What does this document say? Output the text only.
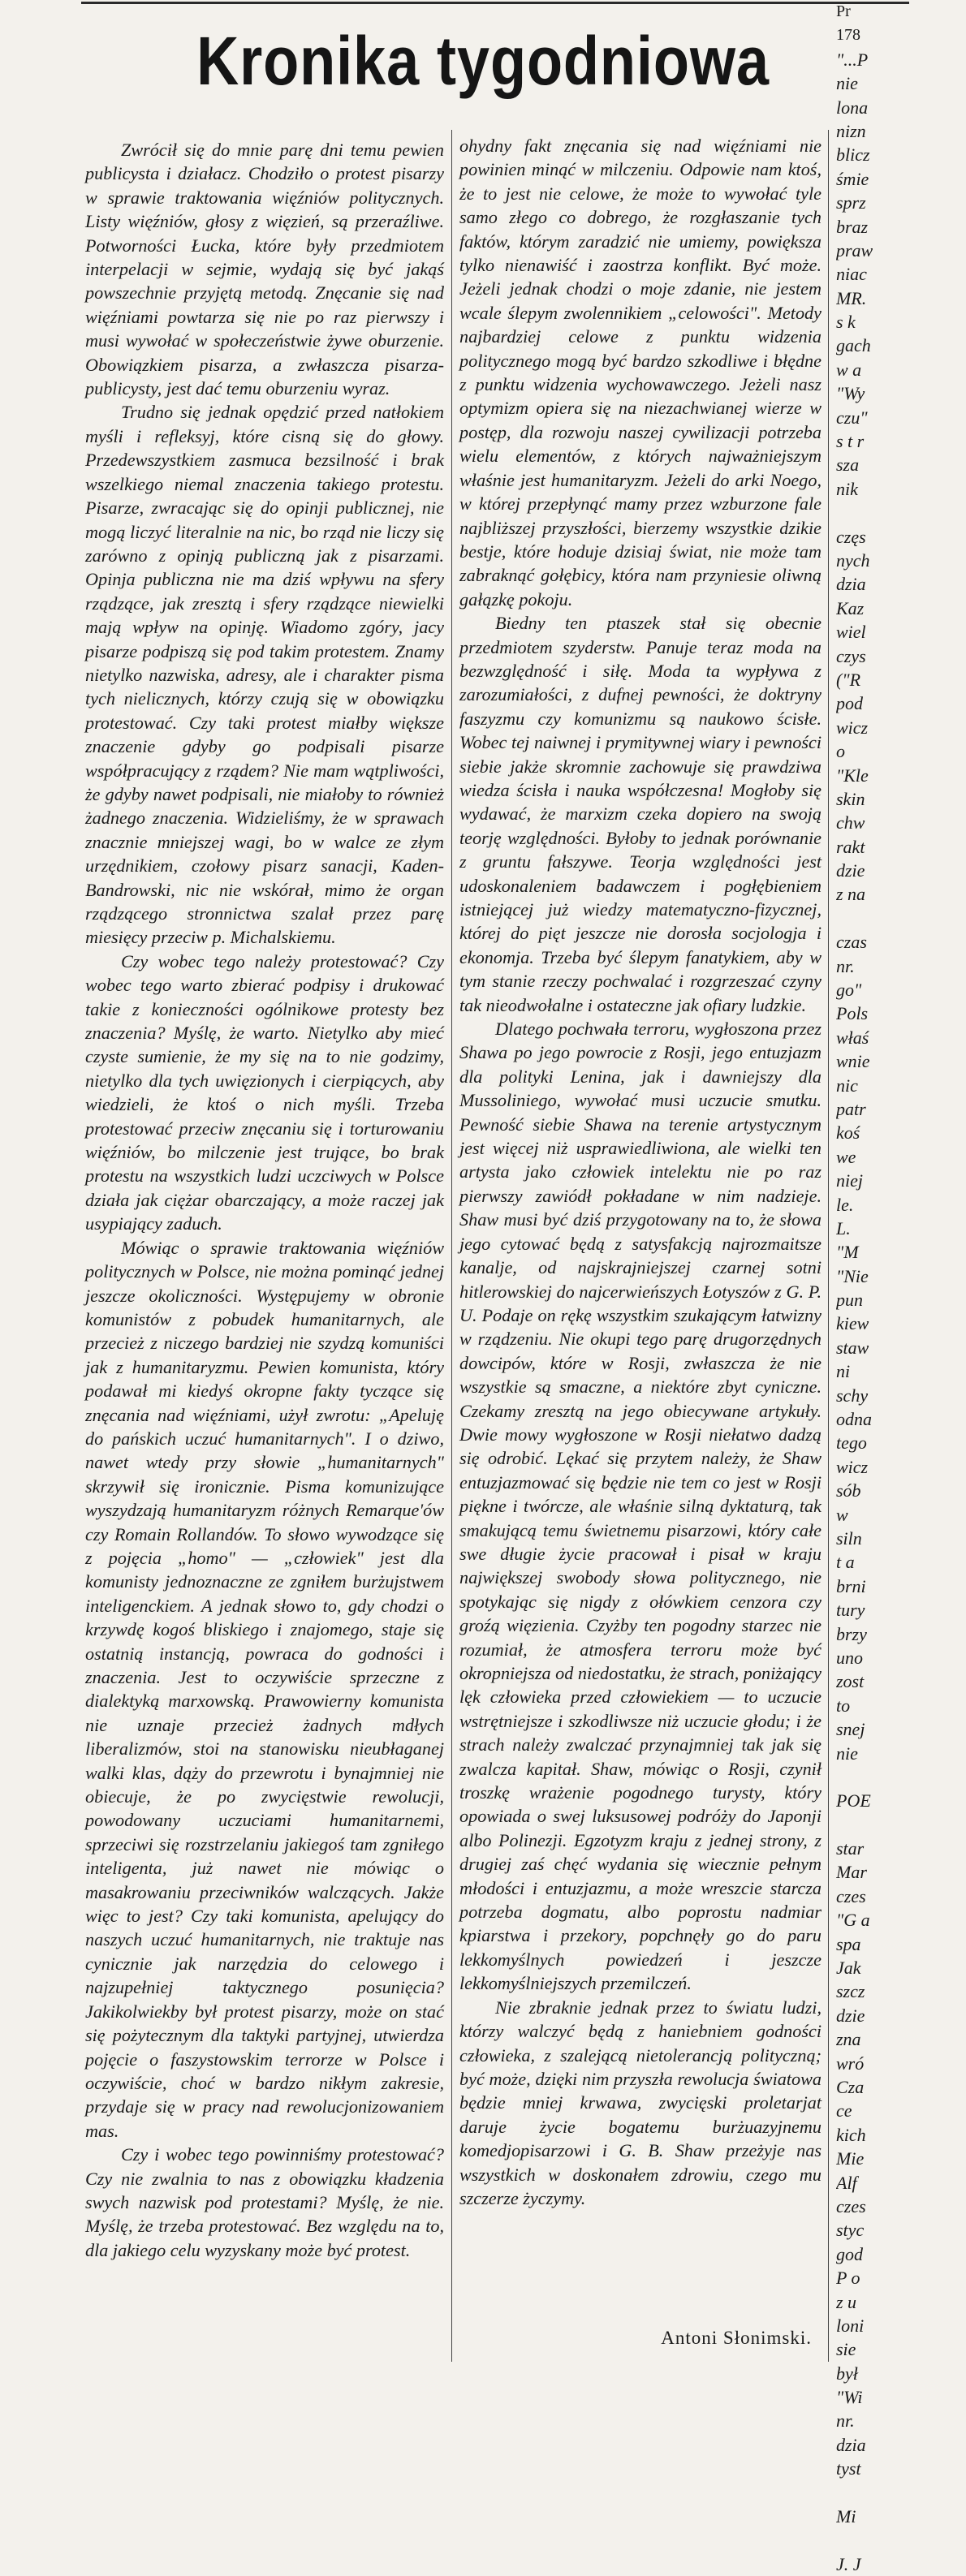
Kronika tygodniowa

Zwrócił się do mnie parę dni temu pewien publicysta i działacz. Chodziło o protest pisarzy w sprawie traktowania więźniów politycznych. Listy więźniów, głosy z więzień, są przeraźliwe. Potworności Łucka, które były przedmiotem interpelacji w sejmie, wydają się być jakąś powszechnie przyjętą metodą. Znęcanie się nad więźniami powtarza się nie po raz pierwszy i musi wywołać w społeczeństwie żywe oburzenie. Obowiązkiem pisarza, a zwłaszcza pisarza-publicysty, jest dać temu oburzeniu wyraz.

Trudno się jednak opędzić przed natłokiem myśli i refleksyj, które cisną się do głowy. Przedewszystkiem zasmuca bezsilność i brak wszelkiego niemal znaczenia takiego protestu. Pisarze, zwracając się do opinji publicznej, nie mogą liczyć literalnie na nic, bo rząd nie liczy się zarówno z opinją publiczną jak z pisarzami. Opinja publiczna nie ma dziś wpływu na sfery rządzące, jak zresztą i sfery rządzące niewielki mają wpływ na opinję. Wiadomo zgóry, jacy pisarze podpiszą się pod takim protestem. Znamy nietylko nazwiska, adresy, ale i charakter pisma tych nielicznych, którzy czują się w obowiązku protestować. Czy taki protest miałby większe znaczenie gdyby go podpisali pisarze współpracujący z rządem? Nie mam wątpliwości, że gdyby nawet podpisali, nie miałoby to również żadnego znaczenia. Widzieliśmy, że w sprawach znacznie mniejszej wagi, bo w walce ze złym urzędnikiem, czołowy pisarz sanacji, Kaden-Bandrowski, nic nie wskórał, mimo że organ rządzącego stronnictwa szalał przez parę miesięcy przeciw p. Michalskiemu.

Czy wobec tego należy protestować? Czy wobec tego warto zbierać podpisy i drukować takie z konieczności ogólnikowe protesty bez znaczenia? Myślę, że warto. Nietylko aby mieć czyste sumienie, że my się na to nie godzimy, nietylko dla tych uwięzionych i cierpiących, aby wiedzieli, że ktoś o nich myśli. Trzeba protestować przeciw znęcaniu się i torturowaniu więźniów, bo milczenie jest trujące, bo brak protestu na wszystkich ludzi uczciwych w Polsce działa jak ciężar obarczający, a może raczej jak usypiający zaduch.

Mówiąc o sprawie traktowania więźniów politycznych w Polsce, nie można pominąć jednej jeszcze okoliczności. Występujemy w obronie komunistów z pobudek humanitarnych, ale przecież z niczego bardziej nie szydzą komuniści jak z humanitaryzmu. Pewien komunista, który podawał mi kiedyś okropne fakty tyczące się znęcania nad więźniami, użył zwrotu: „Apeluję do pańskich uczuć humanitarnych". I o dziwo, nawet wtedy przy słowie „humanitarnych" skrzywił się ironicznie. Pisma komunizujące wyszydzają humanitaryzm różnych Remarque'ów czy Romain Rollandów. To słowo wywodzące się z pojęcia „homo" — „człowiek" jest dla komunisty jednoznaczne ze zgniłem burżujstwem inteligenckiem. A jednak słowo to, gdy chodzi o krzywdę kogoś bliskiego i znajomego, staje się ostatnią instancją, powraca do godności i znaczenia. Jest to oczywiście sprzeczne z dialektyką marxowską. Prawowierny komunista nie uznaje przecież żadnych mdłych liberalizmów, stoi na stanowisku nieubłaganej walki klas, dąży do przewrotu i bynajmniej nie obiecuje, że po zwycięstwie rewolucji, powodowany uczuciami humanitarnemi, sprzeciwi się rozstrzelaniu jakiegoś tam zgniłego inteligenta, już nawet nie mówiąc o masakrowaniu przeciwników walczących. Jakże więc to jest? Czy taki komunista, apelujący do naszych uczuć humanitarnych, nie traktuje nas cynicznie jak narzędzia do celowego i najzupełniej taktycznego posunięcia? Jakikolwiekby był protest pisarzy, może on stać się pożytecznym dla taktyki partyjnej, utwierdza pojęcie o faszystowskim terrorze w Polsce i oczywiście, choć w bardzo nikłym zakresie, przydaje się w pracy nad rewolucjonizowaniem mas.

Czy i wobec tego powinniśmy protestować? Czy nie zwalnia to nas z obowiązku kładzenia swych nazwisk pod protestami? Myślę, że nie. Myślę, że trzeba protestować. Bez względu na to, dla jakiego celu wyzyskany może być protest.

ohydny fakt znęcania się nad więźniami nie powinien minąć w milczeniu. Odpowie nam ktoś, że to jest nie celowe, że może to wywołać tyle samo złego co dobrego, że rozgłaszanie tych faktów, którym zaradzić nie umiemy, powiększa tylko nienawiść i zaostrza konflikt. Być może. Jeżeli jednak chodzi o moje zdanie, nie jestem wcale ślepym zwolennikiem „celowości". Metody najbardziej celowe z punktu widzenia politycznego mogą być bardzo szkodliwe i błędne z punktu widzenia wychowawczego. Jeżeli nasz optymizm opiera się na niezachwianej wierze w postęp, dla rozwoju naszej cywilizacji potrzeba wielu elementów, z których najważniejszym właśnie jest humanitaryzm. Jeżeli do arki Noego, w której przepłynąć mamy przez wzburzone fale najbliższej przyszłości, bierzemy wszystkie dzikie bestje, które hoduje dzisiaj świat, nie może tam zabraknąć gołębicy, która nam przyniesie oliwną gałązkę pokoju.

Biedny ten ptaszek stał się obecnie przedmiotem szyderstw. Panuje teraz moda na bezwzględność i siłę. Moda ta wypływa z zarozumiałości, z dufnej pewności, że doktryny faszyzmu czy komunizmu są naukowo ścisłe. Wobec tej naiwnej i prymitywnej wiary i pewności siebie jakże skromnie zachowuje się prawdziwa wiedza ścisła i nauka współczesna! Mogłoby się wydawać, że marxizm czeka dopiero na swoją teorję względności. Byłoby to jednak porównanie z gruntu fałszywe. Teorja względności jest udoskonaleniem badawczem i pogłębieniem istniejącej już wiedzy matematyczno-fizycznej, której do pięt jeszcze nie dorosła socjologja i ekonomja. Trzeba być ślepym fanatykiem, aby w tym stanie rzeczy pochwalać i rozgrzeszać czyny tak nieodwołalne i ostateczne jak ofiary ludzkie.

Dlatego pochwała terroru, wygłoszona przez Shawa po jego powrocie z Rosji, jego entuzjazm dla polityki Lenina, jak i dawniejszy dla Mussoliniego, wywołać musi uczucie smutku. Pewność siebie Shawa na terenie artystycznym jest więcej niż usprawiedliwiona, ale wielki ten artysta jako człowiek intelektu nie po raz pierwszy zawiódł pokładane w nim nadzieje. Shaw musi być dziś przygotowany na to, że słowa jego cytować będą z satysfakcją najrozmaitsze kanalje, od najskrajniejszej czarnej sotni hitlerowskiej do najcerwieńszych Łotyszów z G. P. U. Podaje on rękę wszystkim szukającym łatwizny w rządzeniu. Nie okupi tego parę drugorzędnych dowcipów, które w Rosji, zwłaszcza że nie wszystkie są smaczne, a niektóre zbyt cyniczne. Czekamy zresztą na jego obiecywane artykuły. Dwie mowy wygłoszone w Rosji niełatwo dadzą się odrobić. Lękać się przytem należy, że Shaw entuzjazmować się będzie nie tem co jest w Rosji piękne i twórcze, ale właśnie silną dyktaturą, tak smakującą temu świetnemu pisarzowi, który całe swe długie życie pracował i pisał w kraju największej swobody słowa politycznego, nie spotykając się nigdy z ołówkiem cenzora czy groźą więzienia. Czyżby ten pogodny starzec nie rozumiał, że atmosfera terroru może być okropniejsza od niedostatku, że strach, poniżający lęk człowieka przed człowiekiem — to uczucie wstrętniejsze i szkodliwsze niż uczucie głodu; i że strach należy zwalczać przynajmniej tak jak się zwalcza kapitał. Shaw, mówiąc o Rosji, czynił troszkę wrażenie pogodnego turysty, który opowiada o swej luksusowej podróży do Japonji albo Polinezji. Egzotyzm kraju z jednej strony, z drugiej zaś chęć wydania się wiecznie pełnym młodości i entuzjazmu, a może wreszcie starcza potrzeba dogmatu, albo poprostu nadmiar kpiarstwa i przekory, popchnęły go do paru lekkomyślnych powiedzeń i jeszcze lekkomyślniejszych przemilczeń.

Nie zbraknie jednak przez to światu ludzi, którzy walczyć będą z haniebniem godności człowieka, z szalejącą nietolerancją polityczną; być może, dzięki nim przyszła rewolucja światowa będzie mniej krwawa, zwycięski proletarjat daruje życie bogatemu burżuazyjnemu komedjopisarzowi i G. B. Shaw przeżyje nas wszystkich w doskonałem zdrowiu, czego mu szczerze życzymy.

Antoni Słonimski.
Pr
178
"...P
nie
lona
nizn
blicz
śmie
sprz
braz
praw
niac
MR.
s k
gach
w a
"Wy
czu"
s t r
sza
nik
częs
nych
dzia
Kaz
wiel
czys
("R
pod
wicz
o
"Kle
skin
chw
rakt
dzie
z na
czas
nr.
go"
Pols
właś
wnie
nic
patr
koś
we
niej
le.
L.
"M
"Nie
pun
kiew
staw
ni
schy
odna
tego
wicz
sób
w
siln
t a
brni
tury
brzy
uno
zost
to
snej
nie
POE
star
Mar
czes
"G a
spa
Jak
szcz
dzie
zna
wró
Cza
ce
kich
Mie
Alf
czes
styc
god
P o
z u
loni
sie
był
"Wi
nr.
dzia
tyst
Mi
J. J
